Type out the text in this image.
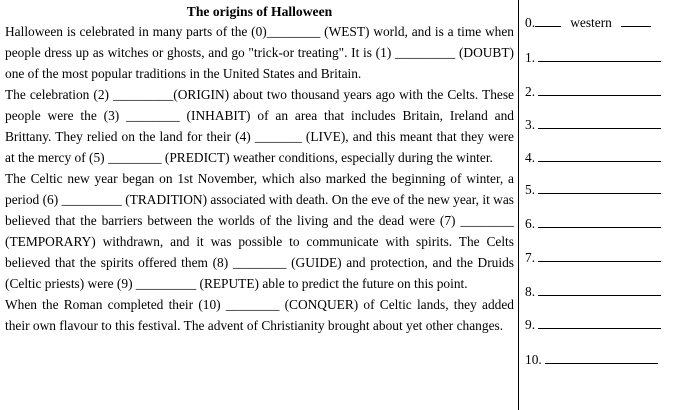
The origins of Halloween

Halloween is celebrated in many parts of the (0)________ (WEST) world, and is a time when people dress up as witches or ghosts, and go "trick-or treating". It is (1) _________ (DOUBT) one of the most popular traditions in the United States and Britain.

The celebration (2) _________(ORIGIN) about two thousand years ago with the Celts. These people were the (3) ________ (INHABIT) of an area that includes Britain, Ireland and Brittany. They relied on the land for their (4) _______ (LIVE), and this meant that they were at the mercy of (5) ________ (PREDICT) weather conditions, especially during the winter.

The Celtic new year began on 1st November, which also marked the beginning of winter, a period (6) _________ (TRADITION) associated with death. On the eve of the new year, it was believed that the barriers between the worlds of the living and the dead were (7) ________ (TEMPORARY) withdrawn, and it was possible to communicate with spirits. The Celts believed that the spirits offered them (8) ________ (GUIDE) and protection, and the Druids (Celtic priests) were (9) _________ (REPUTE) able to predict the future on this point.

When the Roman completed their (10) ________ (CONQUER) of Celtic lands, they added their own flavour to this festival. The advent of Christianity brought about yet other changes.

0.	western
1.
2.
3.
4.
5.
6.
7.
8.
9.
10.
